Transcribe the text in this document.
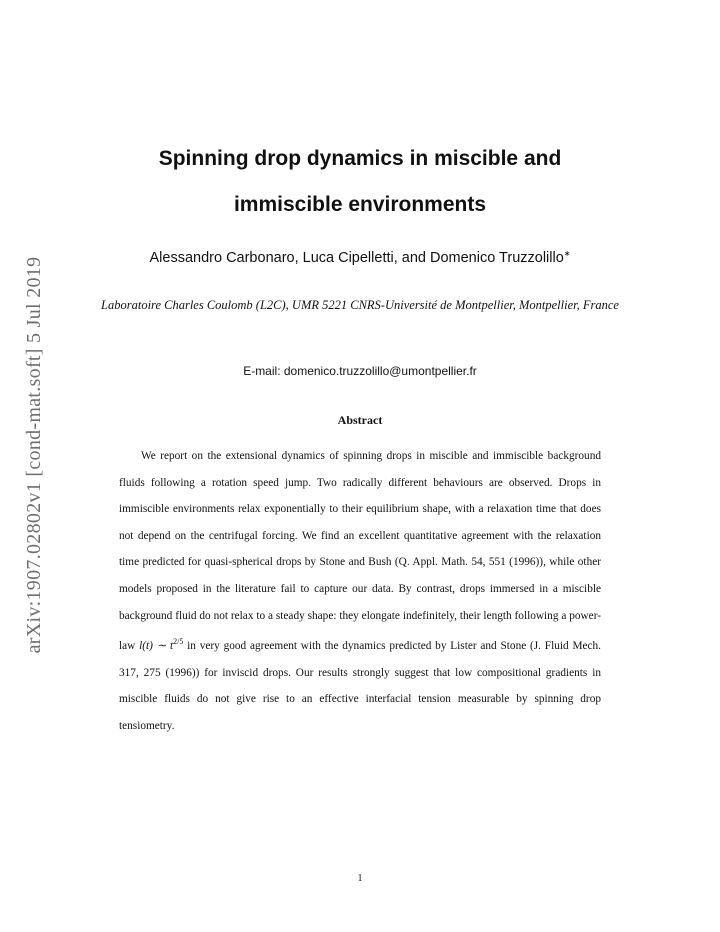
arXiv:1907.02802v1 [cond-mat.soft] 5 Jul 2019
Spinning drop dynamics in miscible and immiscible environments
Alessandro Carbonaro, Luca Cipelletti, and Domenico Truzzolillo∗
Laboratoire Charles Coulomb (L2C), UMR 5221 CNRS-Université de Montpellier, Montpellier, France
E-mail: domenico.truzzolillo@umontpellier.fr
Abstract
We report on the extensional dynamics of spinning drops in miscible and immiscible background fluids following a rotation speed jump. Two radically different behaviours are observed. Drops in immiscible environments relax exponentially to their equilibrium shape, with a relaxation time that does not depend on the centrifugal forcing. We find an excellent quantitative agreement with the relaxation time predicted for quasi-spherical drops by Stone and Bush (Q. Appl. Math. 54, 551 (1996)), while other models proposed in the literature fail to capture our data. By contrast, drops immersed in a miscible background fluid do not relax to a steady shape: they elongate indefinitely, their length following a power-law l(t) ∼ $t^{2/5}$ in very good agreement with the dynamics predicted by Lister and Stone (J. Fluid Mech. 317, 275 (1996)) for inviscid drops. Our results strongly suggest that low compositional gradients in miscible fluids do not give rise to an effective interfacial tension measurable by spinning drop tensiometry.
1
